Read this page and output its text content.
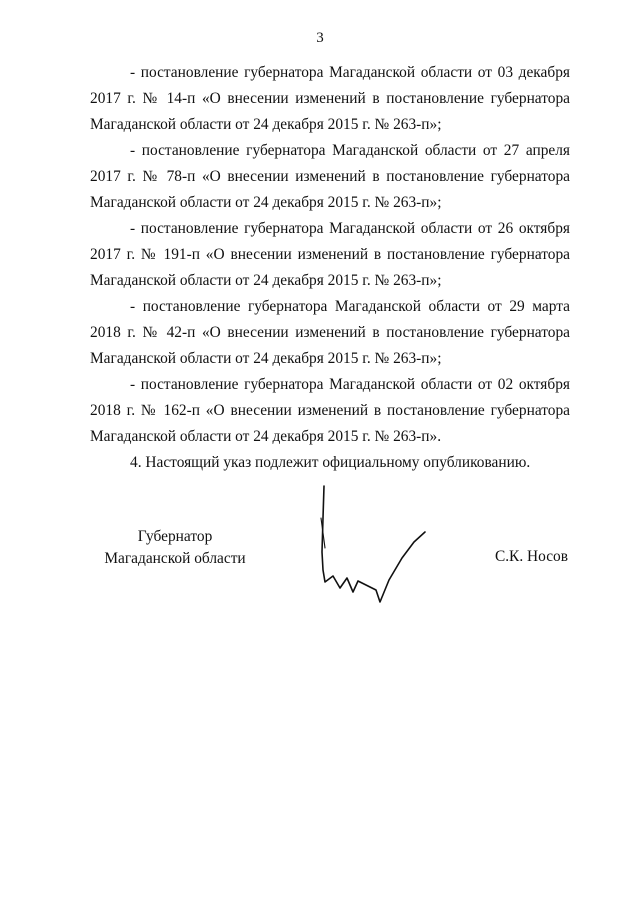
3

- постановление губернатора Магаданской области от 03 декабря 2017 г. № 14-п «О внесении изменений в постановление губернатора Магаданской области от 24 декабря 2015 г. № 263-п»;

- постановление губернатора Магаданской области от 27 апреля 2017 г. № 78-п «О внесении изменений в постановление губернатора Магаданской области от 24 декабря 2015 г. № 263-п»;

- постановление губернатора Магаданской области от 26 октября 2017 г. № 191-п «О внесении изменений в постановление губернатора Магаданской области от 24 декабря 2015 г. № 263-п»;

- постановление губернатора Магаданской области от 29 марта 2018 г. № 42-п «О внесении изменений в постановление губернатора Магаданской области от 24 декабря 2015 г. № 263-п»;

- постановление губернатора Магаданской области от 02 октября 2018 г. № 162-п «О внесении изменений в постановление губернатора Магаданской области от 24 декабря 2015 г. № 263-п».

4. Настоящий указ подлежит официальному опубликованию.

Губернатор
Магаданской области	С.К. Носов
